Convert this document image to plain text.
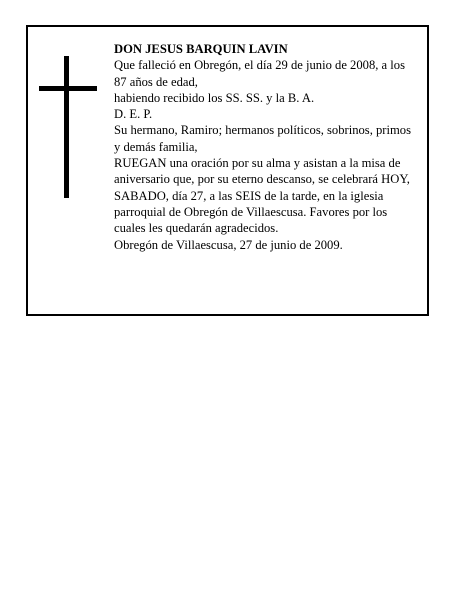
DON JESUS BARQUIN LAVIN
Que falleció en Obregón, el día 29 de junio de 2008, a los 87 años de edad,
habiendo recibido los SS. SS. y la B. A.
D. E. P.
Su hermano, Ramiro; hermanos políticos, sobrinos, primos y demás familia,
RUEGAN una oración por su alma y asistan a la misa de aniversario que, por su eterno descanso, se celebrará HOY, SABADO, día 27, a las SEIS de la tarde, en la iglesia parroquial de Obregón de Villaescusa. Favores por los cuales les quedarán agradecidos.
Obregón de Villaescusa, 27 de junio de 2009.
